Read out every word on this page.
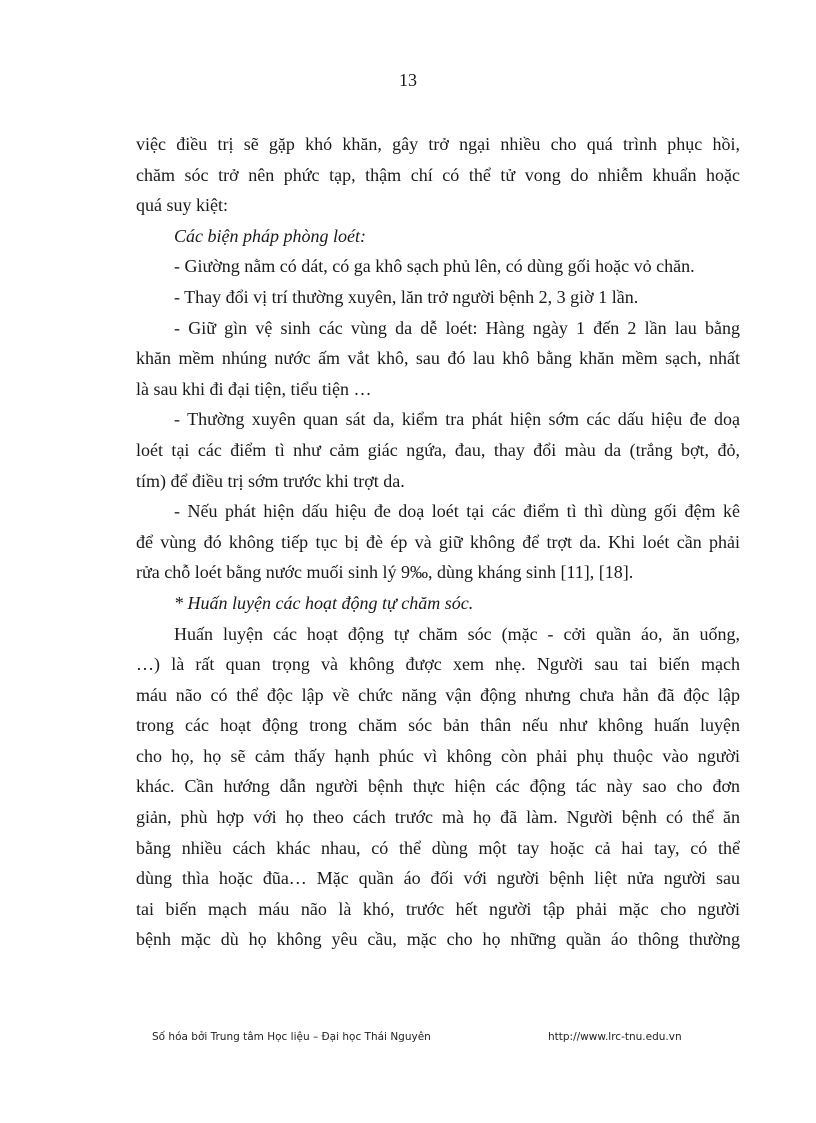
13
việc điều trị sẽ gặp khó khăn, gây trở ngại nhiều cho quá trình phục hồi,
chăm sóc trở nên phức tạp, thậm chí có thể tử vong do nhiễm khuẩn hoặc
quá suy kiệt:
Các biện pháp phòng loét:
- Giường nằm có dát, có ga khô sạch phủ lên, có dùng gối hoặc vỏ chăn.
- Thay đổi vị trí thường xuyên, lăn trở người bệnh 2, 3 giờ 1 lần.
- Giữ gìn vệ sinh các vùng da dễ loét: Hàng ngày 1 đến 2 lần lau bằng
khăn mềm nhúng nước ấm vắt khô, sau đó lau khô bằng khăn mềm sạch, nhất
là sau khi đi đại tiện, tiểu tiện …
- Thường xuyên quan sát da, kiểm tra phát hiện sớm các dấu hiệu đe doạ
loét tại các điểm tì như cảm giác ngứa, đau, thay đổi màu da (trắng bợt, đỏ,
tím) để điều trị sớm trước khi trợt da.
- Nếu phát hiện dấu hiệu đe doạ loét tại các điểm tì thì dùng gối đệm kê
để vùng đó không tiếp tục bị đè ép và giữ không để trợt da. Khi loét cần phải
rửa chỗ loét bằng nước muối sinh lý 9‰, dùng kháng sinh [11], [18].
* Huấn luyện các hoạt động tự chăm sóc.
Huấn luyện các hoạt động tự chăm sóc (mặc - cởi quần áo, ăn uống,
…) là rất quan trọng và không được xem nhẹ. Người sau tai biến mạch
máu não có thể độc lập về chức năng vận động nhưng chưa hẳn đã độc lập
trong các hoạt động trong chăm sóc bản thân nếu như không huấn luyện
cho họ, họ sẽ cảm thấy hạnh phúc vì không còn phải phụ thuộc vào người
khác. Cần hướng dẫn người bệnh thực hiện các động tác này sao cho đơn
giản, phù hợp với họ theo cách trước mà họ đã làm. Người bệnh có thể ăn
bằng nhiều cách khác nhau, có thể dùng một tay hoặc cả hai tay, có thể
dùng thìa hoặc đũa… Mặc quần áo đối với người bệnh liệt nửa người sau
tai biến mạch máu não là khó, trước hết người tập phải mặc cho người
bệnh mặc dù họ không yêu cầu, mặc cho họ những quần áo thông thường
Số hóa bởi Trung tâm Học liệu – Đại học Thái Nguyên	http://www.lrc-tnu.edu.vn
